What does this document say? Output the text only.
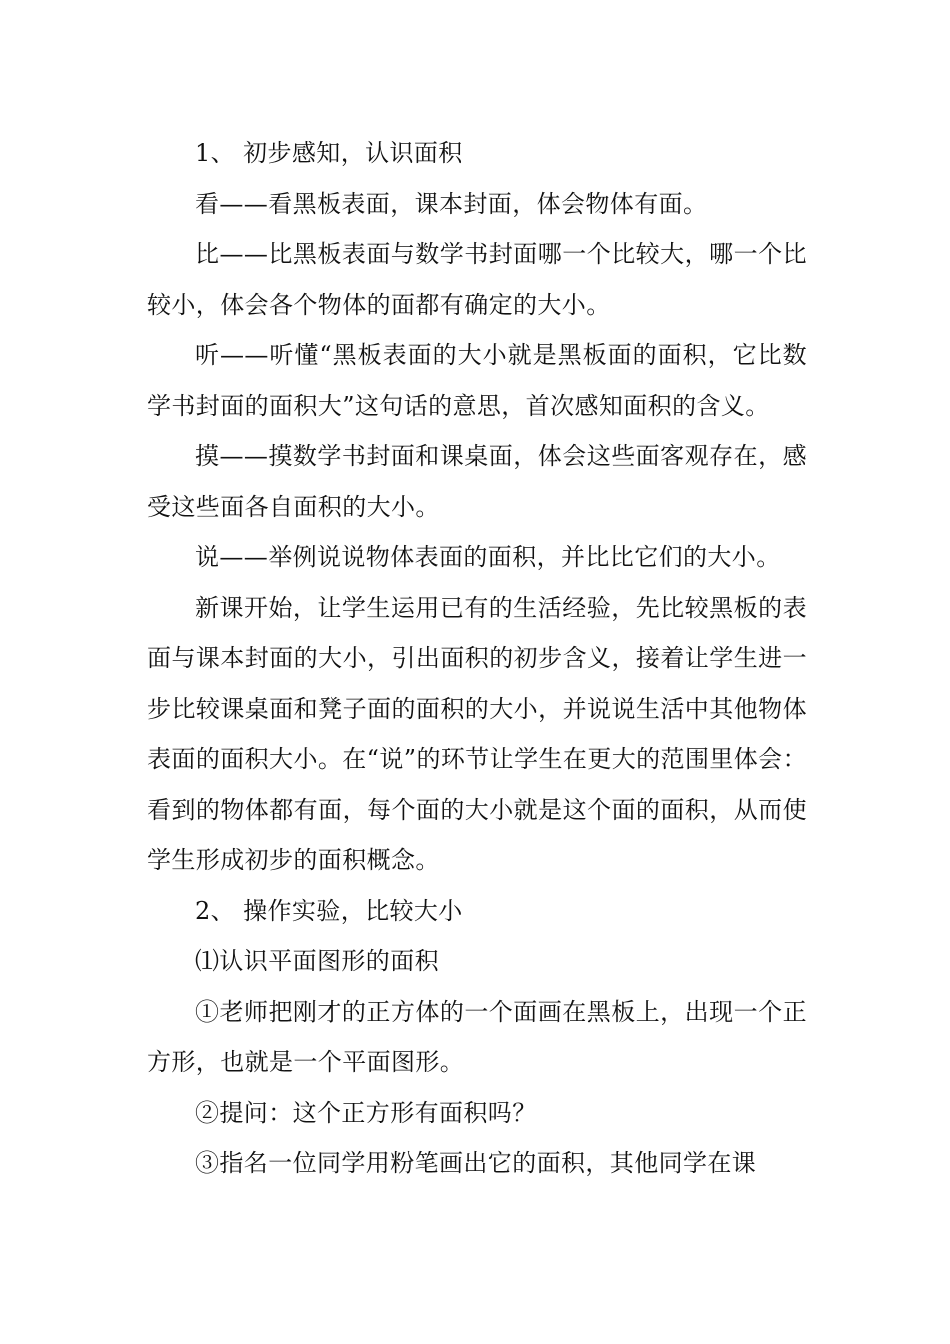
1、 初步感知，认识面积

看——看黑板表面，课本封面，体会物体有面。

比——比黑板表面与数学书封面哪一个比较大，哪一个比较小，体会各个物体的面都有确定的大小。

听——听懂“黑板表面的大小就是黑板面的面积，它比数学书封面的面积大”这句话的意思，首次感知面积的含义。

摸——摸数学书封面和课桌面，体会这些面客观存在，感受这些面各自面积的大小。

说——举例说说物体表面的面积，并比比它们的大小。

新课开始，让学生运用已有的生活经验，先比较黑板的表面与课本封面的大小，引出面积的初步含义，接着让学生进一步比较课桌面和凳子面的面积的大小，并说说生活中其他物体表面的面积大小。在“说”的环节让学生在更大的范围里体会：看到的物体都有面，每个面的大小就是这个面的面积，从而使学生形成初步的面积概念。

2、 操作实验，比较大小

⑴认识平面图形的面积

①老师把刚才的正方体的一个面画在黑板上，出现一个正方形，也就是一个平面图形。

②提问：这个正方形有面积吗？

③指名一位同学用粉笔画出它的面积，其他同学在课
